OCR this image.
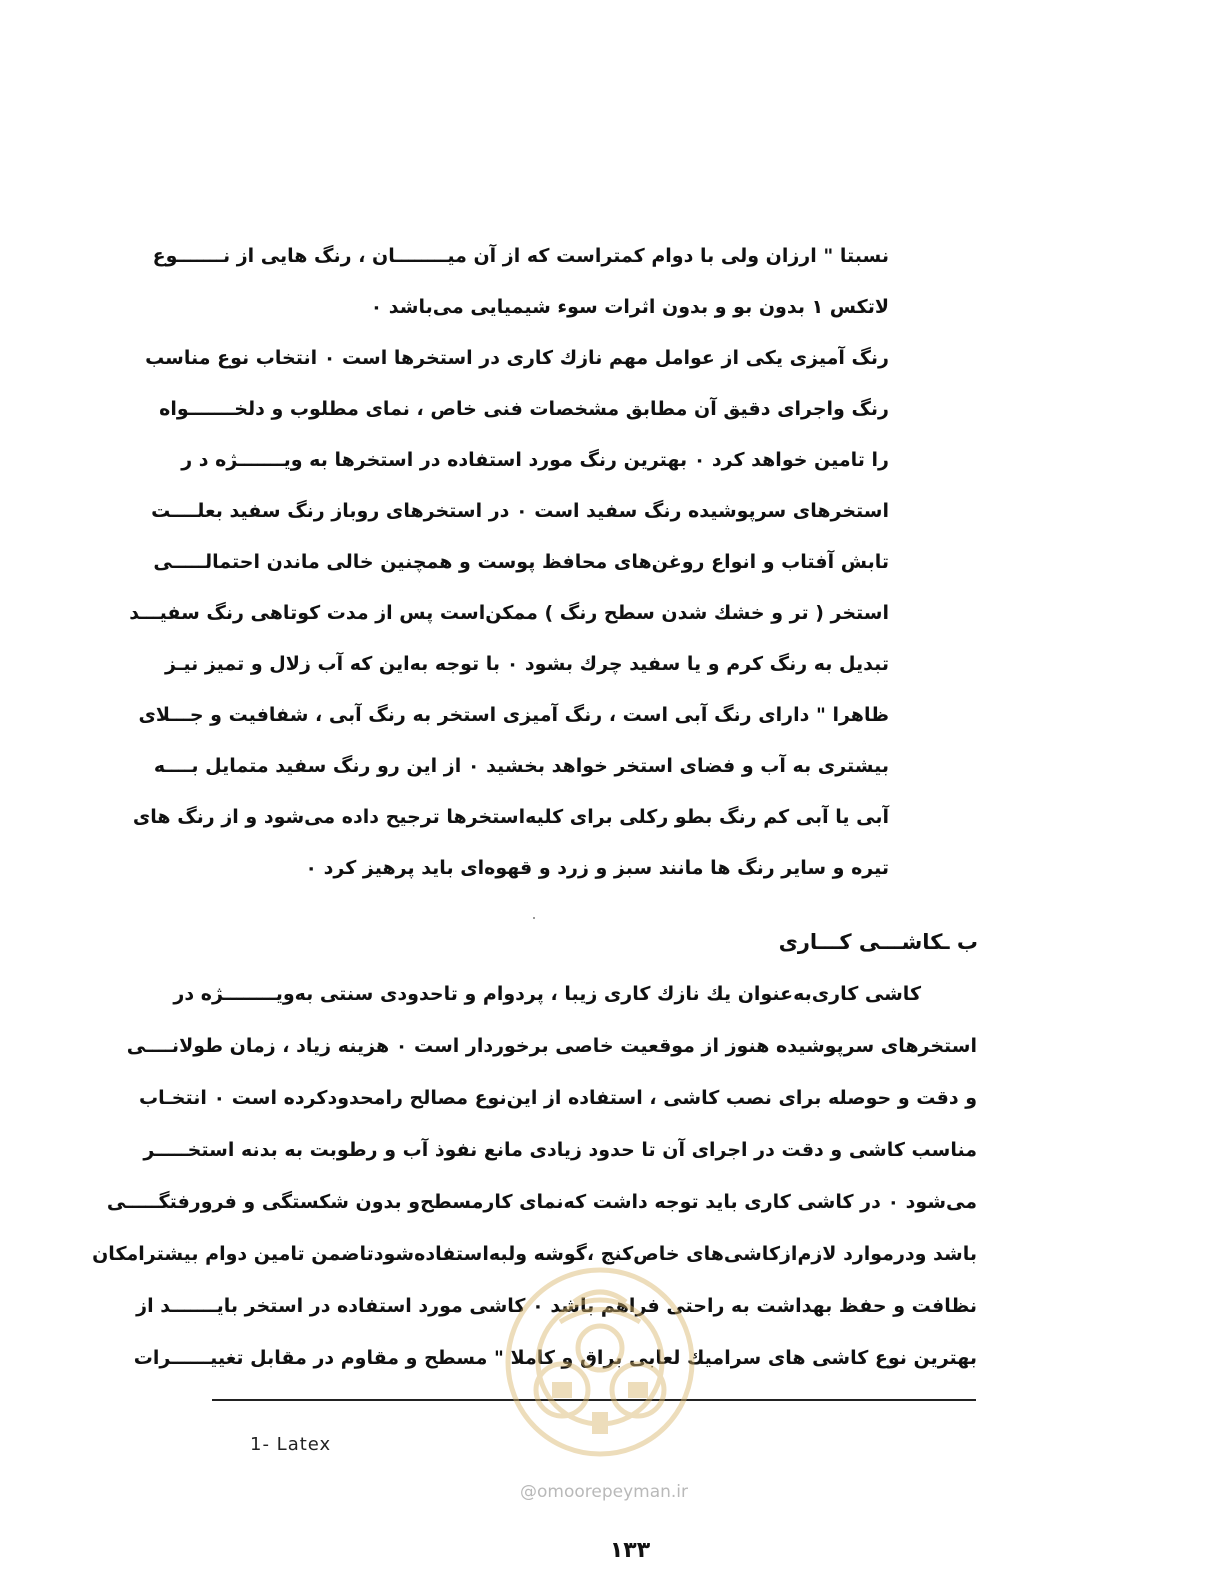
نسبتا " ارزان ولی با دوام کمتراست که از آن میــــــــان ، رنگ هایی از نـــــــوع
لاتکس ۱ بدون بو و بدون اثرات سوء شیمیایی می‌باشد ۰
رنگ آمیزی یکی از عوامل مهم نازك کاری در استخرها است ۰ انتخاب نوع مناسب
رنگ واجرای دقیق آن مطابق مشخصات فنی خاص ، نمای مطلوب و دلخـــــــواه
را تامین خواهد کرد ۰ بهترین رنگ مورد استفاده در استخرها به ویـــــــژه د ر
استخرهای سرپوشیده رنگ سفید است ۰ در استخرهای روباز رنگ سفید بعلــــت
تابش آفتاب و انواع روغن‌های محافظ پوست و همچنین خالی ماندن احتمالـــــی
استخر ( تر و خشك شدن سطح رنگ ) ممکن‌است پس از مدت کوتاهی رنگ سفیـــد
تبدیل به رنگ کرم و یا سفید چرك بشود ۰ با توجه به‌این که آب زلال و تمیز نیـز
ظاهرا " دارای رنگ آبی است ، رنگ آمیزی استخر به رنگ آبی ، شفافیت و جـــلای
بیشتری به آب و فضای استخر خواهد بخشید ۰ از این رو رنگ سفید متمایل بــــه
آبی یا آبی کم رنگ بطو رکلی برای کلیه‌استخرها ترجیح داده می‌شود و از رنگ های
تیره و سایر رنگ ها مانند سبز و زرد و قهوه‌ای باید پرهیز کرد ۰
ب ـکاشـــی کـــاری
کاشی کاری‌به‌عنوان یك نازك کاری زیبا ، پردوام و تاحدودی سنتی به‌ویــــــــژه در
استخرهای سرپوشیده هنوز از موقعیت خاصی برخوردار است ۰ هزینه زیاد ، زمان طولانــــی
و دقت و حوصله برای نصب کاشی ، استفاده از این‌نوع مصالح رامحدودکرده است ۰ انتخـاب
مناسب کاشی و دقت در اجرای آن تا حدود زیادی مانع نفوذ آب و رطوبت به بدنه استخـــــر
می‌شود ۰ در کاشی کاری باید توجه داشت که‌نمای کارمسطح‌و بدون شکستگی و فرورفتگـــــی
باشد ودرموارد لازم‌ازکاشی‌های خاص‌کنج ،گوشه ولبه‌استفاده‌شودتاضمن تامین دوام بیشترامکان
نظافت و حفظ بهداشت به راحتی فراهم باشد ۰ کاشی مورد استفاده در استخر بایـــــــد از
بهترین نوع کاشی های سرامیك لعابی براق و کاملا " مسطح و مقاوم در مقابل تغییــــــرات
1- Latex
@omoorepeyman.ir
۱۳۳
